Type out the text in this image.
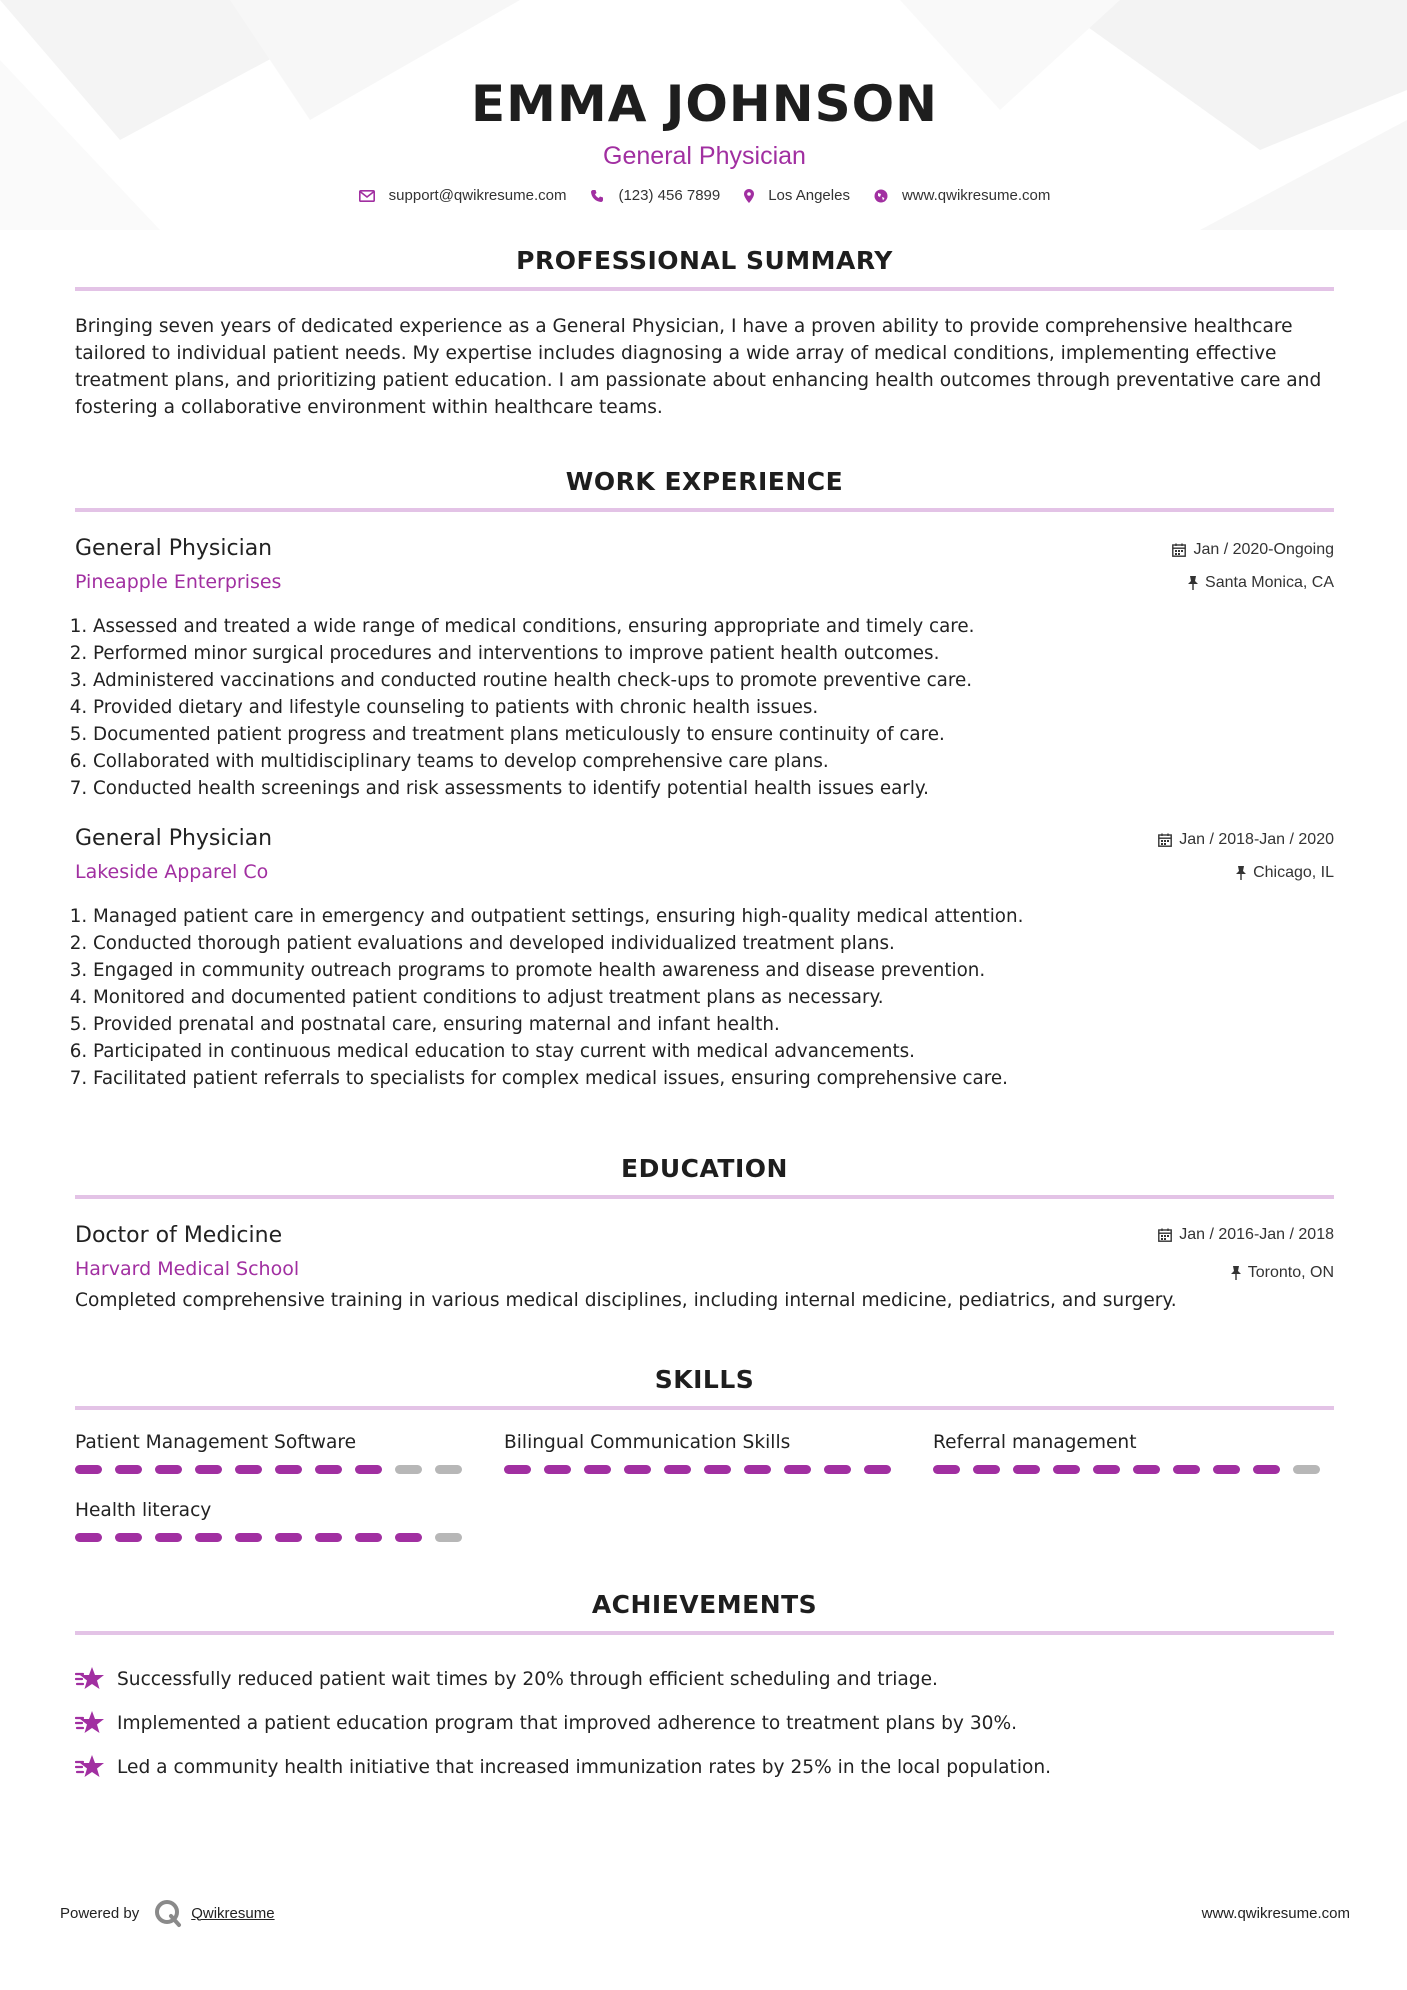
EMMA JOHNSON
General Physician
support@qwikresume.com	(123) 456 7899	Los Angeles	www.qwikresume.com
PROFESSIONAL SUMMARY
Bringing seven years of dedicated experience as a General Physician, I have a proven ability to provide comprehensive healthcare tailored to individual patient needs. My expertise includes diagnosing a wide array of medical conditions, implementing effective treatment plans, and prioritizing patient education. I am passionate about enhancing health outcomes through preventative care and fostering a collaborative environment within healthcare teams.
WORK EXPERIENCE
Jan / 2020-Ongoing
Santa Monica, CA
General Physician
Pineapple Enterprises
1. Assessed and treated a wide range of medical conditions, ensuring appropriate and timely care.
2. Performed minor surgical procedures and interventions to improve patient health outcomes.
3. Administered vaccinations and conducted routine health check-ups to promote preventive care.
4. Provided dietary and lifestyle counseling to patients with chronic health issues.
5. Documented patient progress and treatment plans meticulously to ensure continuity of care.
6. Collaborated with multidisciplinary teams to develop comprehensive care plans.
7. Conducted health screenings and risk assessments to identify potential health issues early.
Jan / 2018-Jan / 2020
Chicago, IL
General Physician
Lakeside Apparel Co
1. Managed patient care in emergency and outpatient settings, ensuring high-quality medical attention.
2. Conducted thorough patient evaluations and developed individualized treatment plans.
3. Engaged in community outreach programs to promote health awareness and disease prevention.
4. Monitored and documented patient conditions to adjust treatment plans as necessary.
5. Provided prenatal and postnatal care, ensuring maternal and infant health.
6. Participated in continuous medical education to stay current with medical advancements.
7. Facilitated patient referrals to specialists for complex medical issues, ensuring comprehensive care.
EDUCATION
Jan / 2016-Jan / 2018
Toronto, ON
Doctor of Medicine
Harvard Medical School
Completed comprehensive training in various medical disciplines, including internal medicine, pediatrics, and surgery.
SKILLS
Patient Management Software	Bilingual Communication Skills	Referral management
Health literacy
ACHIEVEMENTS
Successfully reduced patient wait times by 20% through efficient scheduling and triage.
Implemented a patient education program that improved adherence to treatment plans by 30%.
Led a community health initiative that increased immunization rates by 25% in the local population.
Powered by	Qwikresume	www.qwikresume.com
